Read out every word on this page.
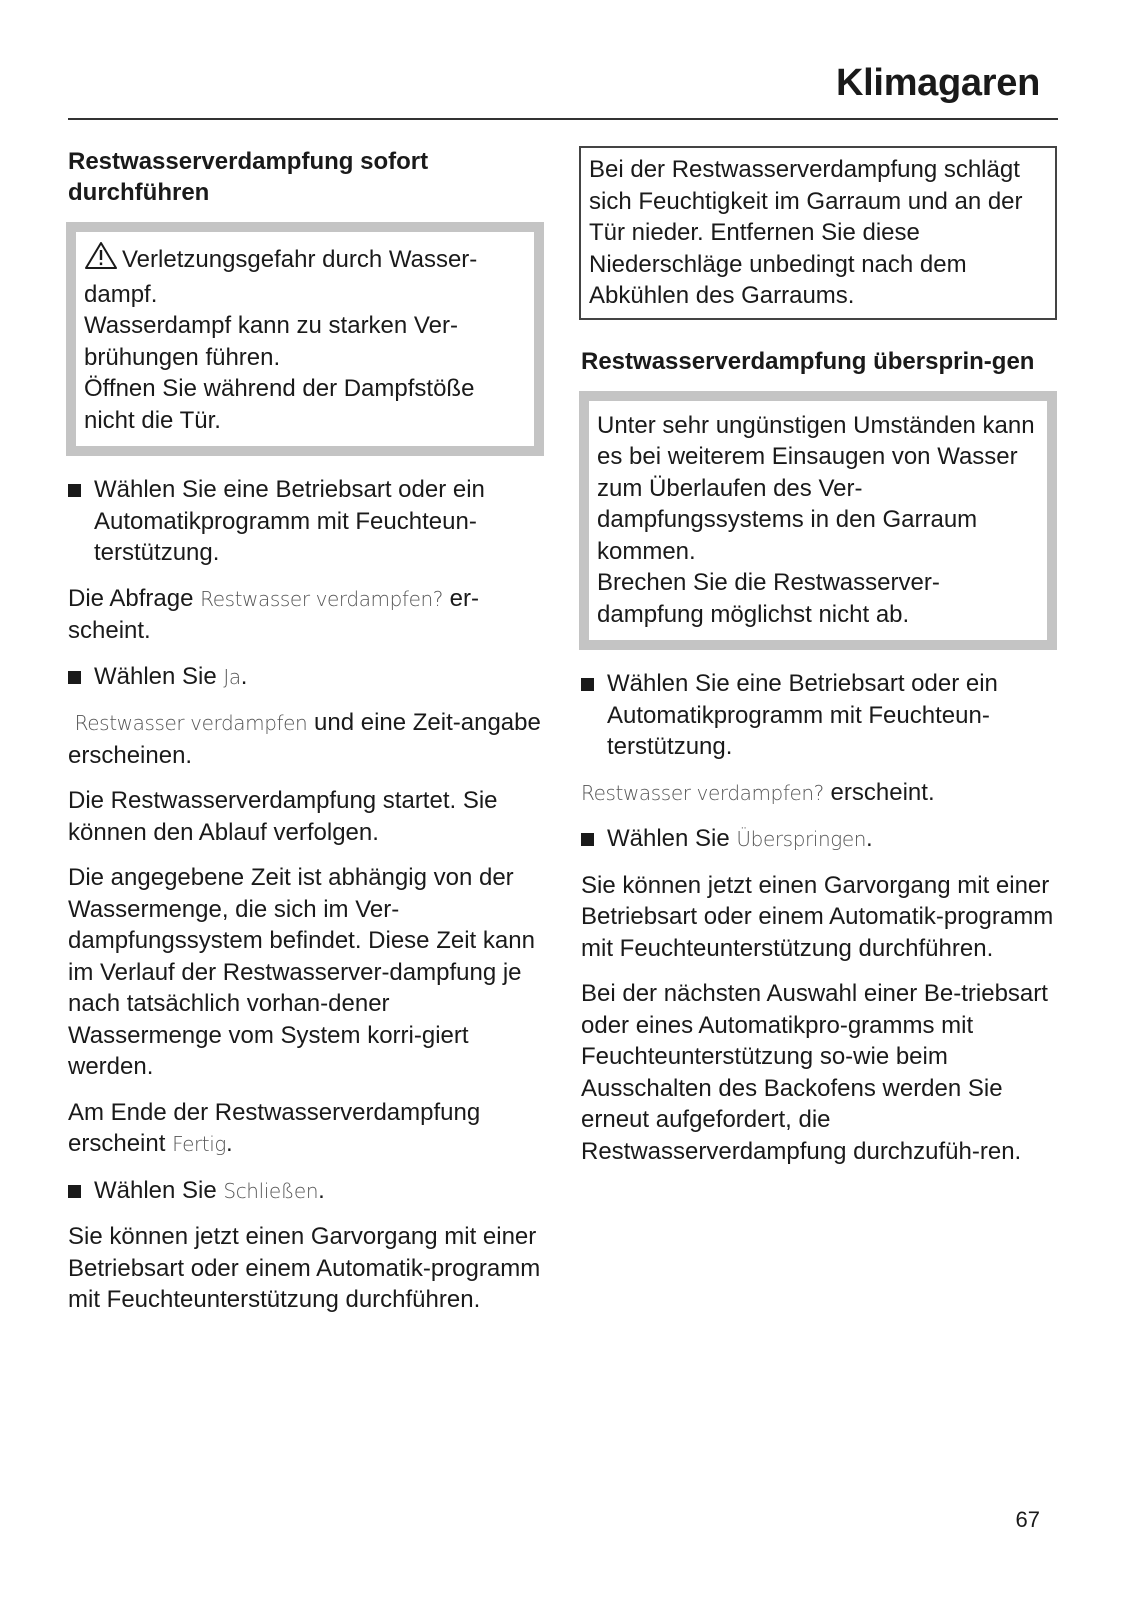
Klimagaren
Restwasserverdampfung sofort durchführen

Verletzungsgefahr durch Wasser-dampf.

Wasserdampf kann zu starken Ver-brühungen führen.

Öffnen Sie während der Dampfstöße nicht die Tür.

Wählen Sie eine Betriebsart oder ein Automatikprogramm mit Feuchteun-terstützung.

Die Abfrage Restwasser verdampfen? er-scheint.

Wählen Sie Ja.

Restwasser verdampfen und eine Zeit-angabe erscheinen.

Die Restwasserverdampfung startet. Sie können den Ablauf verfolgen.

Die angegebene Zeit ist abhängig von der Wassermenge, die sich im Ver-dampfungssystem befindet. Diese Zeit kann im Verlauf der Restwasserver-dampfung je nach tatsächlich vorhan-dener Wassermenge vom System korri-giert werden.

Am Ende der Restwasserverdampfung erscheint Fertig.

Wählen Sie Schließen.

Sie können jetzt einen Garvorgang mit einer Betriebsart oder einem Automatik-programm mit Feuchteunterstützung durchführen.

Bei der Restwasserverdampfung schlägt sich Feuchtigkeit im Garraum und an der Tür nieder. Entfernen Sie diese Niederschläge unbedingt nach dem Abkühlen des Garraums.

Restwasserverdampfung übersprin-gen

Unter sehr ungünstigen Umständen kann es bei weiterem Einsaugen von Wasser zum Überlaufen des Ver-dampfungssystems in den Garraum kommen.

Brechen Sie die Restwasserver-dampfung möglichst nicht ab.

Wählen Sie eine Betriebsart oder ein Automatikprogramm mit Feuchteun-terstützung.

Restwasser verdampfen? erscheint.

Wählen Sie Überspringen.

Sie können jetzt einen Garvorgang mit einer Betriebsart oder einem Automatik-programm mit Feuchteunterstützung durchführen.

Bei der nächsten Auswahl einer Be-triebsart oder eines Automatikpro-gramms mit Feuchteunterstützung so-wie beim Ausschalten des Backofens werden Sie erneut aufgefordert, die Restwasserverdampfung durchzufüh-ren.

67
